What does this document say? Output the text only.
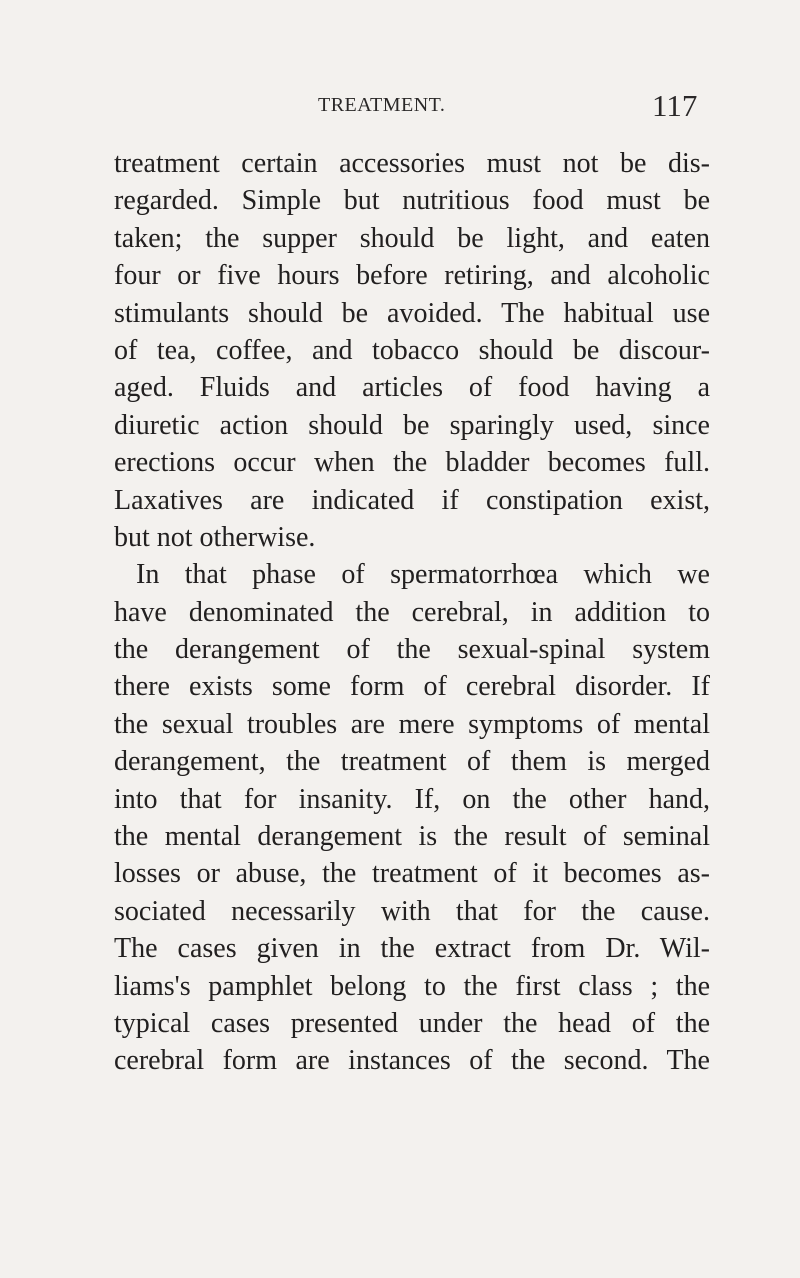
TREATMENT.	117
treatment certain accessories must not be dis-
regarded. Simple but nutritious food must be
taken; the supper should be light, and eaten
four or five hours before retiring, and alcoholic
stimulants should be avoided. The habitual use
of tea, coffee, and tobacco should be discour-
aged. Fluids and articles of food having a
diuretic action should be sparingly used, since
erections occur when the bladder becomes full.
Laxatives are indicated if constipation exist,
but not otherwise.
In that phase of spermatorrhœa which we
have denominated the cerebral, in addition to
the derangement of the sexual-spinal system
there exists some form of cerebral disorder. If
the sexual troubles are mere symptoms of mental
derangement, the treatment of them is merged
into that for insanity. If, on the other hand,
the mental derangement is the result of seminal
losses or abuse, the treatment of it becomes as-
sociated necessarily with that for the cause.
The cases given in the extract from Dr. Wil-
liams's pamphlet belong to the first class ; the
typical cases presented under the head of the
cerebral form are instances of the second. The
